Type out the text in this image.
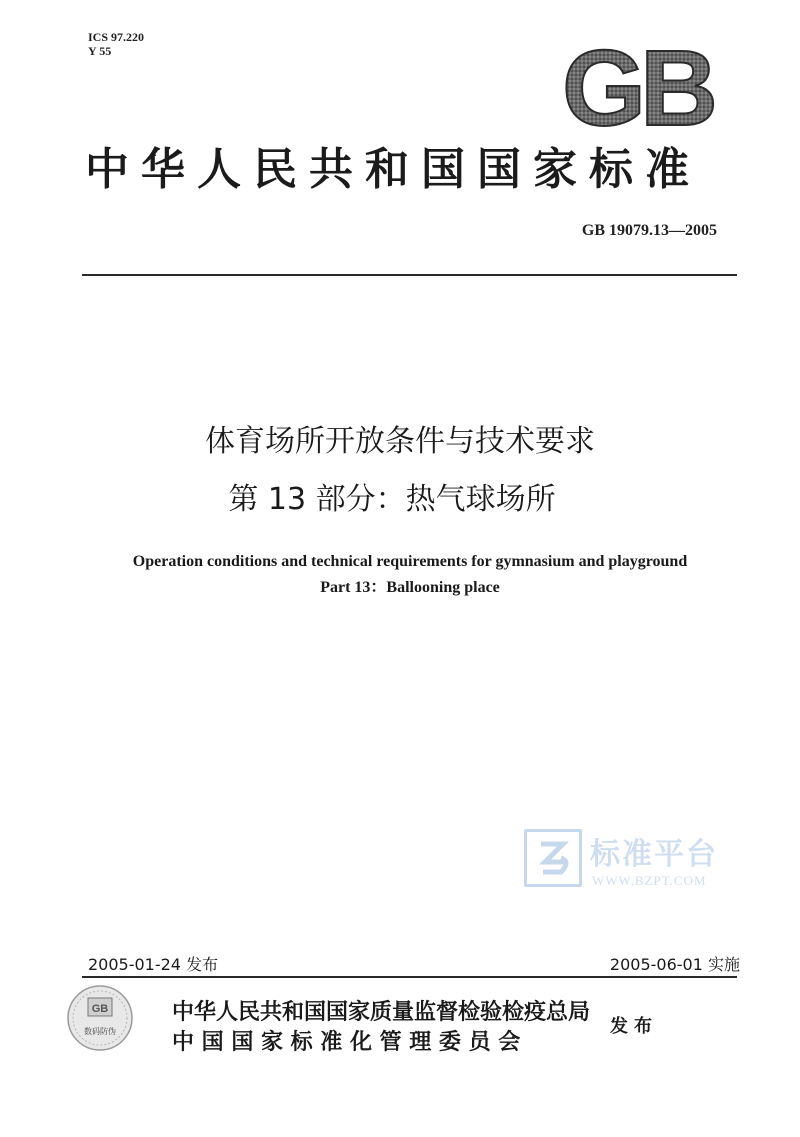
ICS 97.220
Y 55	GB
中华人民共和国国家标准
GB 19079.13—2005
体育场所开放条件与技术要求
第 13 部分：热气球场所
Operation conditions and technical requirements for gymnasium and playground
Part 13：Ballooning place
标准平台
WWW.BZPT.COM
2005-01-24 发布	2005-06-01 实施
GB
数码防伪
中华人民共和国国家质量监督检验检疫总局
中 国 国 家 标 准 化 管 理 委 员 会
发布
